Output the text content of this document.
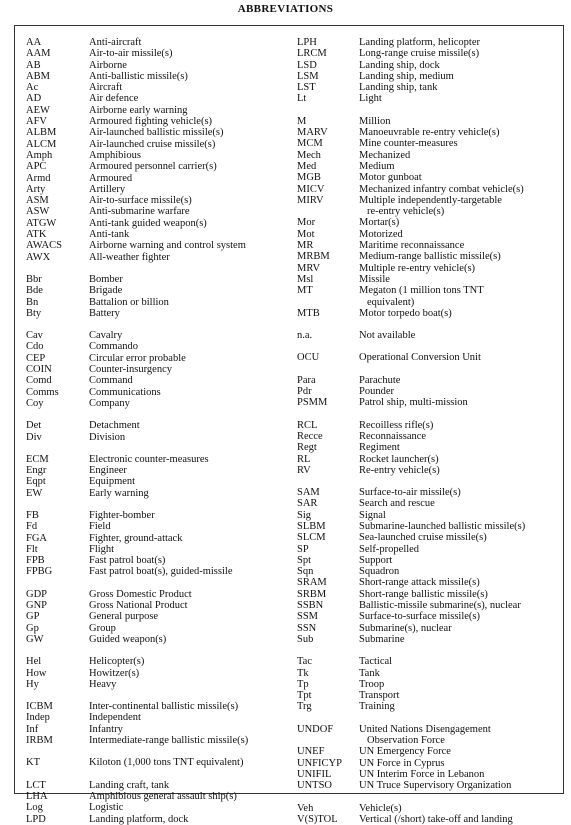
ABBREVIATIONS
AA	Anti-aircraft
AAM	Air-to-air missile(s)
AB	Airborne
ABM	Anti-ballistic missile(s)
Ac	Aircraft
AD	Air defence
AEW	Airborne early warning
AFV	Armoured fighting vehicle(s)
ALBM	Air-launched ballistic missile(s)
ALCM	Air-launched cruise missile(s)
Amph	Amphibious
APC	Armoured personnel carrier(s)
Armd	Armoured
Arty	Artillery
ASM	Air-to-surface missile(s)
ASW	Anti-submarine warfare
ATGW	Anti-tank guided weapon(s)
ATK	Anti-tank
AWACS	Airborne warning and control system
AWX	All-weather fighter
Bbr	Bomber
Bde	Brigade
Bn	Battalion or billion
Bty	Battery
Cav	Cavalry
Cdo	Commando
CEP	Circular error probable
COIN	Counter-insurgency
Comd	Command
Comms	Communications
Coy	Company
Det	Detachment
Div	Division
ECM	Electronic counter-measures
Engr	Engineer
Eqpt	Equipment
EW	Early warning
FB	Fighter-bomber
Fd	Field
FGA	Fighter, ground-attack
Flt	Flight
FPB	Fast patrol boat(s)
FPBG	Fast patrol boat(s), guided-missile
GDP	Gross Domestic Product
GNP	Gross National Product
GP	General purpose
Gp	Group
GW	Guided weapon(s)
Hel	Helicopter(s)
How	Howitzer(s)
Hy	Heavy
ICBM	Inter-continental ballistic missile(s)
Indep	Independent
Inf	Infantry
IRBM	Intermediate-range ballistic missile(s)
KT	Kiloton (1,000 tons TNT equivalent)
LCT	Landing craft, tank
LHA	Amphibious general assault ship(s)
Log	Logistic
LPD	Landing platform, dock
LPH	Landing platform, helicopter
LRCM	Long-range cruise missile(s)
LSD	Landing ship, dock
LSM	Landing ship, medium
LST	Landing ship, tank
Lt	Light
M	Million
MARV	Manoeuvrable re-entry vehicle(s)
MCM	Mine counter-measures
Mech	Mechanized
Med	Medium
MGB	Motor gunboat
MICV	Mechanized infantry combat vehicle(s)
MIRV	Multiple independently-targetable
re-entry vehicle(s)
Mor	Mortar(s)
Mot	Motorized
MR	Maritime reconnaissance
MRBM	Medium-range ballistic missile(s)
MRV	Multiple re-entry vehicle(s)
Msl	Missile
MT	Megaton (1 million tons TNT
equivalent)
MTB	Motor torpedo boat(s)
n.a.	Not available
OCU	Operational Conversion Unit
Para	Parachute
Pdr	Pounder
PSMM	Patrol ship, multi-mission
RCL	Recoilless rifle(s)
Recce	Reconnaissance
Regt	Regiment
RL	Rocket launcher(s)
RV	Re-entry vehicle(s)
SAM	Surface-to-air missile(s)
SAR	Search and rescue
Sig	Signal
SLBM	Submarine-launched ballistic missile(s)
SLCM	Sea-launched cruise missile(s)
SP	Self-propelled
Spt	Support
Sqn	Squadron
SRAM	Short-range attack missile(s)
SRBM	Short-range ballistic missile(s)
SSBN	Ballistic-missile submarine(s), nuclear
SSM	Surface-to-surface missile(s)
SSN	Submarine(s), nuclear
Sub	Submarine
Tac	Tactical
Tk	Tank
Tp	Troop
Tpt	Transport
Trg	Training
UNDOF	United Nations Disengagement
Observation Force
UNEF	UN Emergency Force
UNFICYP	UN Force in Cyprus
UNIFIL	UN Interim Force in Lebanon
UNTSO	UN Truce Supervisory Organization
Veh	Vehicle(s)
V(S)TOL	Vertical (/short) take-off and landing
